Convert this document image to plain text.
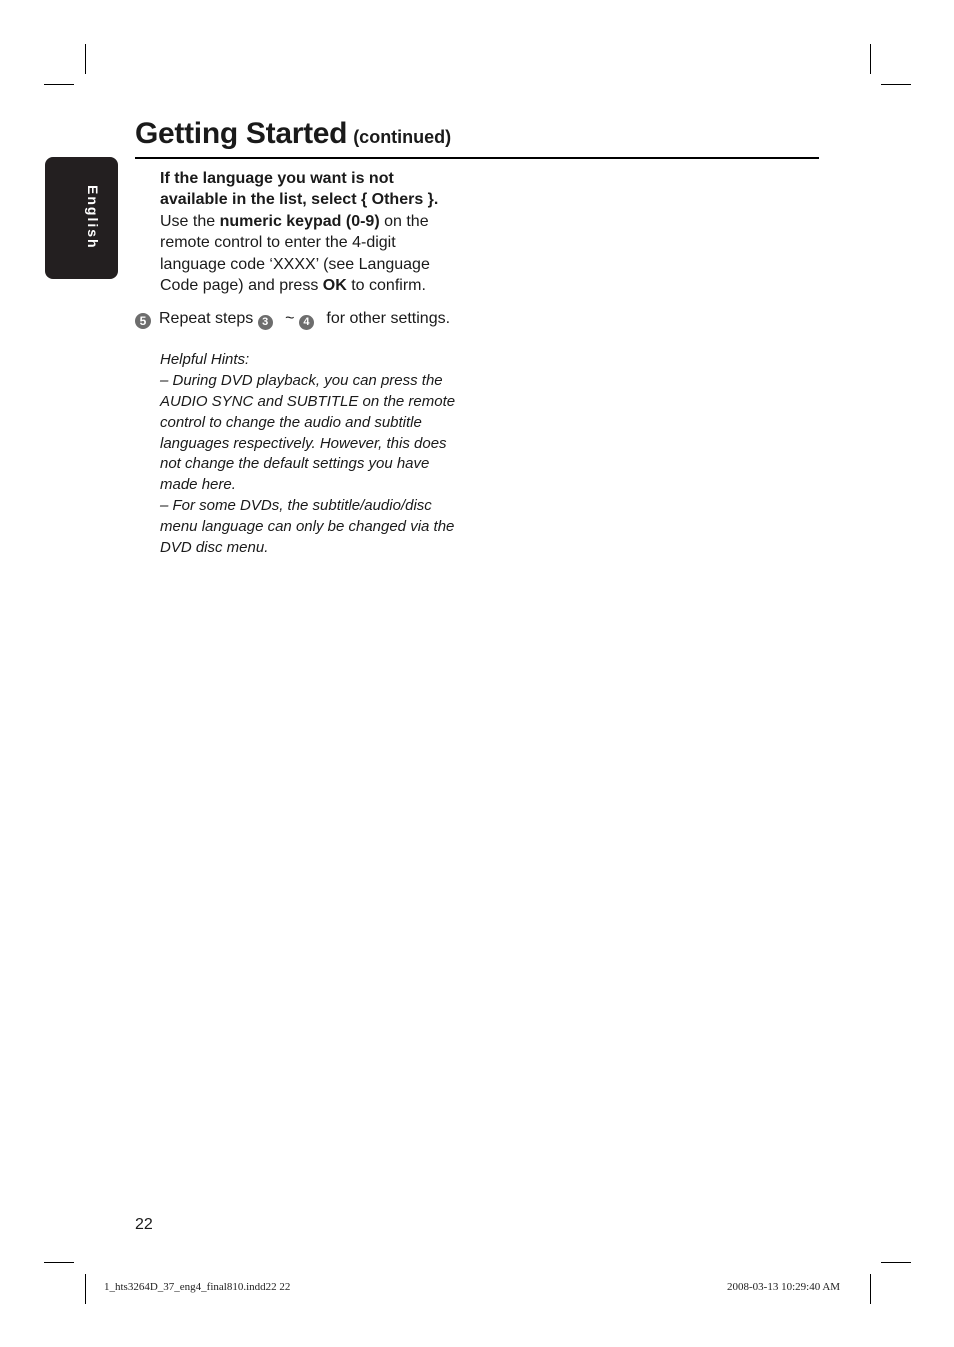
English
Getting Started (continued)
If the language you want is not available in the list, select { Others }.
Use the numeric keypad (0-9) on the remote control to enter the 4-digit language code ‘XXXX’ (see Language Code page) and press OK to confirm.
5 Repeat steps 3 ~ 4 for other settings.

Helpful Hints:

– During DVD playback, you can press the AUDIO SYNC and SUBTITLE on the remote control to change the audio and subtitle languages respectively. However, this does not change the default settings you have made here.

– For some DVDs, the subtitle/audio/disc menu language can only be changed via the DVD disc menu.

22
1_hts3264D_37_eng4_final810.indd22 22	2008-03-13 10:29:40 AM
